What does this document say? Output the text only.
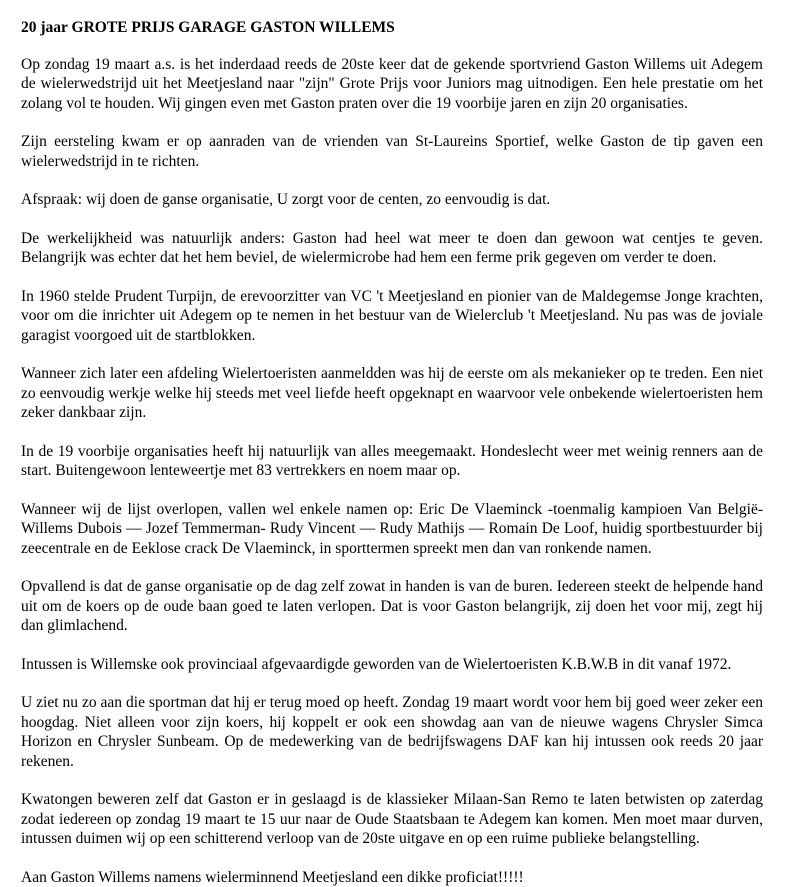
20 jaar GROTE PRIJS GARAGE GASTON WILLEMS

Op zondag 19 maart a.s. is het inderdaad reeds de 20ste keer dat de gekende sportvriend Gaston Willems uit Adegem de wielerwedstrijd uit het Meetjesland naar "zijn" Grote Prijs voor Juniors mag uitnodigen. Een hele prestatie om het zolang vol te houden. Wij gingen even met Gaston praten over die 19 voorbije jaren en zijn 20 organisaties.

Zijn eersteling kwam er op aanraden van de vrienden van St-Laureins Sportief, welke Gaston de tip gaven een wielerwedstrijd in te richten.

Afspraak: wij doen de ganse organisatie, U zorgt voor de centen, zo eenvoudig is dat.

De werkelijkheid was natuurlijk anders: Gaston had heel wat meer te doen dan gewoon wat centjes te geven. Belangrijk was echter dat het hem beviel, de wielermicrobe had hem een ferme prik gegeven om verder te doen.

In 1960 stelde Prudent Turpijn, de erevoorzitter van VC 't Meetjesland en pionier van de Maldegemse Jonge krachten, voor om die inrichter uit Adegem op te nemen in het bestuur van de Wielerclub 't Meetjesland. Nu pas was de joviale garagist voorgoed uit de startblokken.

Wanneer zich later een afdeling Wielertoeristen aanmeldden was hij de eerste om als mekanieker op te treden. Een niet zo eenvoudig werkje welke hij steeds met veel liefde heeft opgeknapt en waarvoor vele onbekende wielertoeristen hem zeker dankbaar zijn.

In de 19 voorbije organisaties heeft hij natuurlijk van alles meegemaakt. Hondeslecht weer met weinig renners aan de start. Buitengewoon lenteweertje met 83 vertrekkers en noem maar op.

Wanneer wij de lijst overlopen, vallen wel enkele namen op: Eric De Vlaeminck -toenmalig kampioen Van België- Willems Dubois — Jozef Temmerman- Rudy Vincent — Rudy Mathijs — Romain De Loof, huidig sportbestuurder bij zeecentrale en de Eeklose crack De Vlaeminck, in sporttermen spreekt men dan van ronkende namen.

Opvallend is dat de ganse organisatie op de dag zelf zowat in handen is van de buren. Iedereen steekt de helpende hand uit om de koers op de oude baan goed te laten verlopen. Dat is voor Gaston belangrijk, zij doen het voor mij, zegt hij dan glimlachend.

Intussen is Willemske ook provinciaal afgevaardigde geworden van de Wielertoeristen K.B.W.B in dit vanaf 1972.

U ziet nu zo aan die sportman dat hij er terug moed op heeft. Zondag 19 maart wordt voor hem bij goed weer zeker een hoogdag. Niet alleen voor zijn koers, hij koppelt er ook een showdag aan van de nieuwe wagens Chrysler Simca Horizon en Chrysler Sunbeam. Op de medewerking van de bedrijfswagens DAF kan hij intussen ook reeds 20 jaar rekenen.

Kwatongen beweren zelf dat Gaston er in geslaagd is de klassieker Milaan-San Remo te laten betwisten op zaterdag zodat iedereen op zondag 19 maart te 15 uur naar de Oude Staatsbaan te Adegem kan komen. Men moet maar durven, intussen duimen wij op een schitterend verloop van de 20ste uitgave en op een ruime publieke belangstelling.

Aan Gaston Willems namens wielerminnend Meetjesland een dikke proficiat!!!!!
